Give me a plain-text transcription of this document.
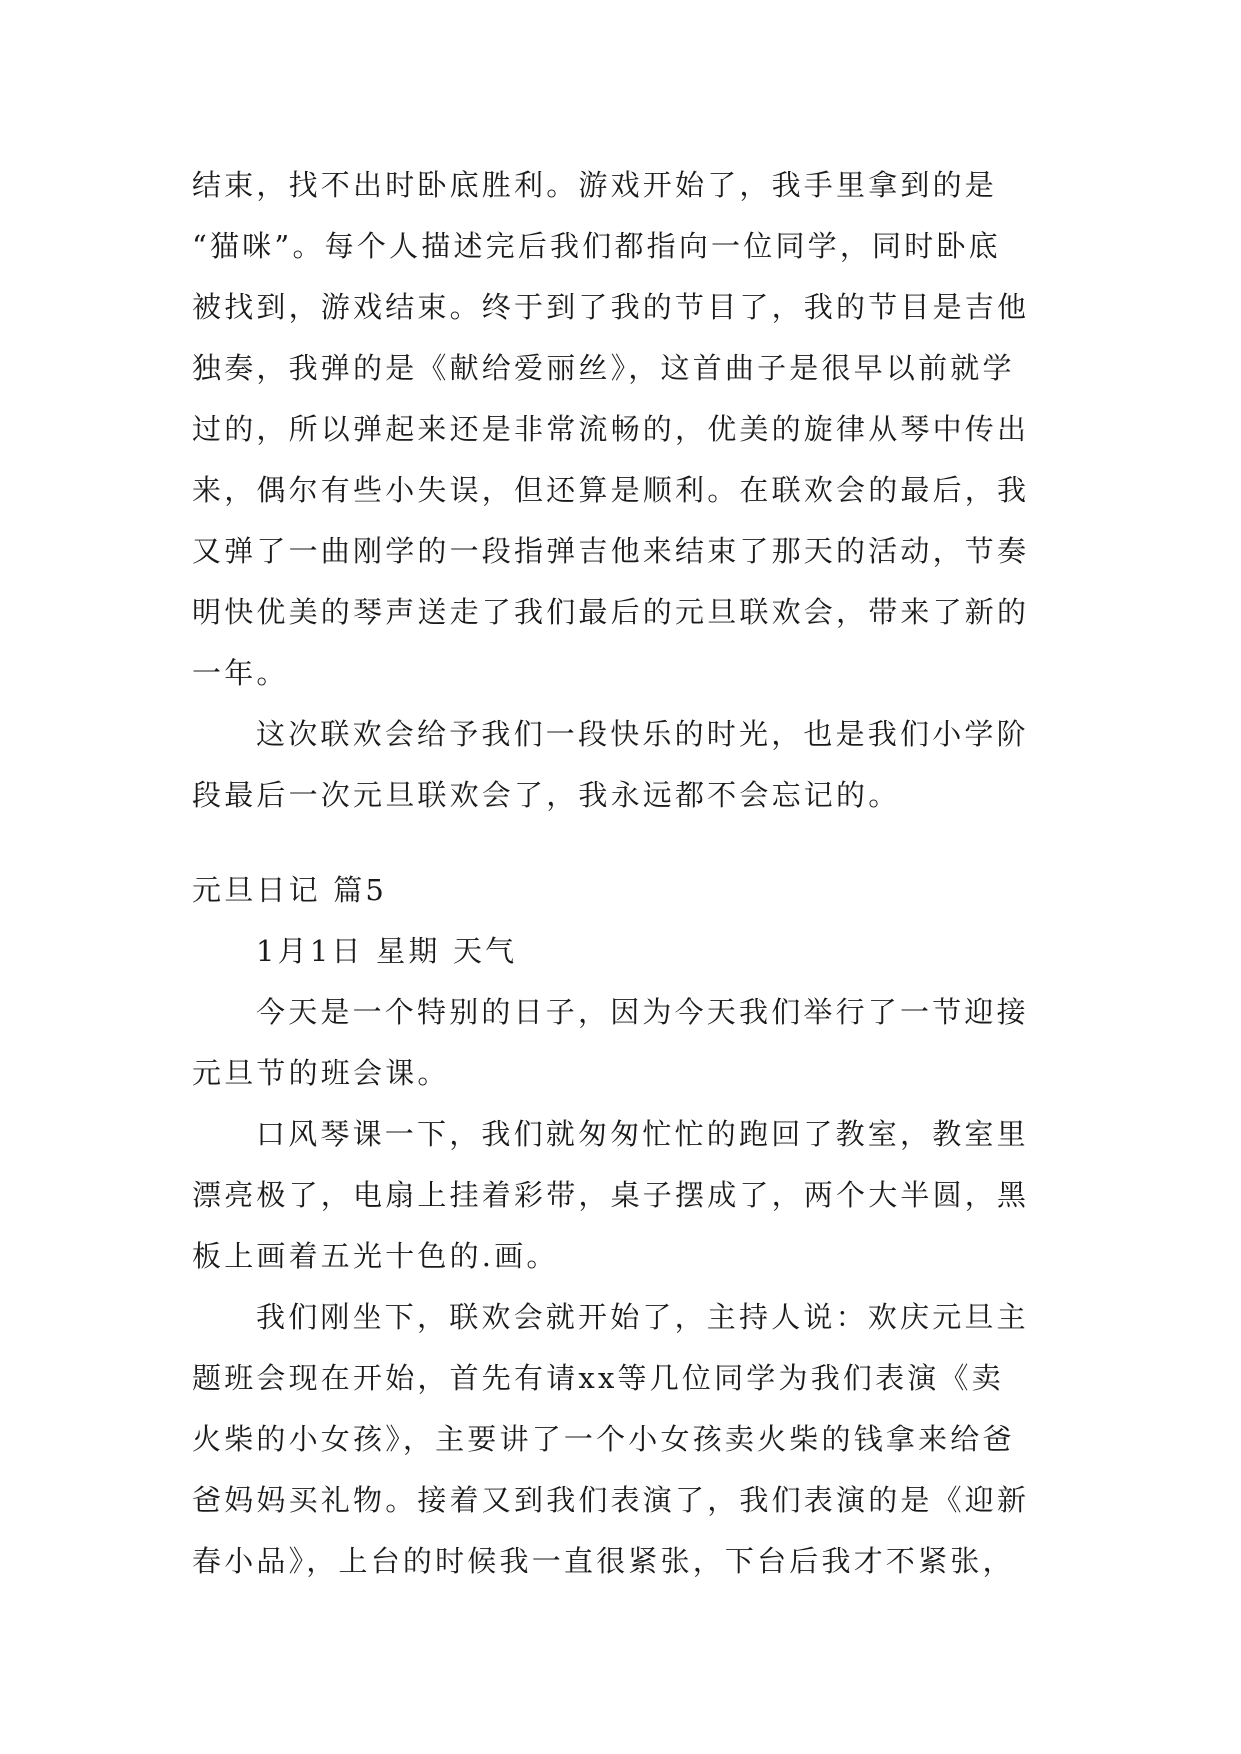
结束，找不出时卧底胜利。游戏开始了，我手里拿到的是
“猫咪”。每个人描述完后我们都指向一位同学，同时卧底
被找到，游戏结束。终于到了我的节目了，我的节目是吉他
独奏，我弹的是《献给爱丽丝》，这首曲子是很早以前就学
过的，所以弹起来还是非常流畅的，优美的旋律从琴中传出
来，偶尔有些小失误，但还算是顺利。在联欢会的最后，我
又弹了一曲刚学的一段指弹吉他来结束了那天的活动，节奏
明快优美的琴声送走了我们最后的元旦联欢会，带来了新的
一年。
这次联欢会给予我们一段快乐的时光，也是我们小学阶
段最后一次元旦联欢会了，我永远都不会忘记的。
元旦日记 篇5
1月1日 星期 天气
今天是一个特别的日子，因为今天我们举行了一节迎接
元旦节的班会课。
口风琴课一下，我们就匆匆忙忙的跑回了教室，教室里
漂亮极了，电扇上挂着彩带，桌子摆成了，两个大半圆，黑
板上画着五光十色的.画。
我们刚坐下，联欢会就开始了，主持人说：欢庆元旦主
题班会现在开始，首先有请xx等几位同学为我们表演《卖
火柴的小女孩》，主要讲了一个小女孩卖火柴的钱拿来给爸
爸妈妈买礼物。接着又到我们表演了，我们表演的是《迎新
春小品》，上台的时候我一直很紧张，下台后我才不紧张，
